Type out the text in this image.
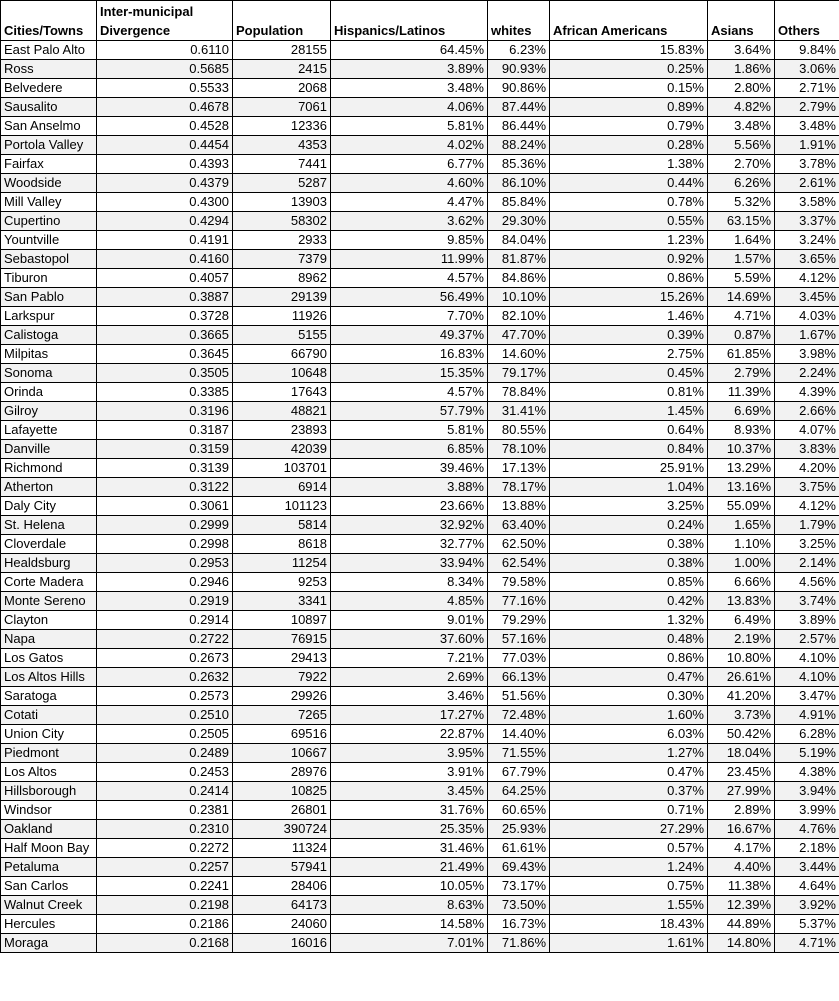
Cities/Towns	Inter-municipal Divergence	Population	Hispanics/Latinos	whites	African Americans	Asians	Others
East Palo Alto	0.6110	28155	64.45%	6.23%	15.83%	3.64%	9.84%
Ross	0.5685	2415	3.89%	90.93%	0.25%	1.86%	3.06%
Belvedere	0.5533	2068	3.48%	90.86%	0.15%	2.80%	2.71%
Sausalito	0.4678	7061	4.06%	87.44%	0.89%	4.82%	2.79%
San Anselmo	0.4528	12336	5.81%	86.44%	0.79%	3.48%	3.48%
Portola Valley	0.4454	4353	4.02%	88.24%	0.28%	5.56%	1.91%
Fairfax	0.4393	7441	6.77%	85.36%	1.38%	2.70%	3.78%
Woodside	0.4379	5287	4.60%	86.10%	0.44%	6.26%	2.61%
Mill Valley	0.4300	13903	4.47%	85.84%	0.78%	5.32%	3.58%
Cupertino	0.4294	58302	3.62%	29.30%	0.55%	63.15%	3.37%
Yountville	0.4191	2933	9.85%	84.04%	1.23%	1.64%	3.24%
Sebastopol	0.4160	7379	11.99%	81.87%	0.92%	1.57%	3.65%
Tiburon	0.4057	8962	4.57%	84.86%	0.86%	5.59%	4.12%
San Pablo	0.3887	29139	56.49%	10.10%	15.26%	14.69%	3.45%
Larkspur	0.3728	11926	7.70%	82.10%	1.46%	4.71%	4.03%
Calistoga	0.3665	5155	49.37%	47.70%	0.39%	0.87%	1.67%
Milpitas	0.3645	66790	16.83%	14.60%	2.75%	61.85%	3.98%
Sonoma	0.3505	10648	15.35%	79.17%	0.45%	2.79%	2.24%
Orinda	0.3385	17643	4.57%	78.84%	0.81%	11.39%	4.39%
Gilroy	0.3196	48821	57.79%	31.41%	1.45%	6.69%	2.66%
Lafayette	0.3187	23893	5.81%	80.55%	0.64%	8.93%	4.07%
Danville	0.3159	42039	6.85%	78.10%	0.84%	10.37%	3.83%
Richmond	0.3139	103701	39.46%	17.13%	25.91%	13.29%	4.20%
Atherton	0.3122	6914	3.88%	78.17%	1.04%	13.16%	3.75%
Daly City	0.3061	101123	23.66%	13.88%	3.25%	55.09%	4.12%
St. Helena	0.2999	5814	32.92%	63.40%	0.24%	1.65%	1.79%
Cloverdale	0.2998	8618	32.77%	62.50%	0.38%	1.10%	3.25%
Healdsburg	0.2953	11254	33.94%	62.54%	0.38%	1.00%	2.14%
Corte Madera	0.2946	9253	8.34%	79.58%	0.85%	6.66%	4.56%
Monte Sereno	0.2919	3341	4.85%	77.16%	0.42%	13.83%	3.74%
Clayton	0.2914	10897	9.01%	79.29%	1.32%	6.49%	3.89%
Napa	0.2722	76915	37.60%	57.16%	0.48%	2.19%	2.57%
Los Gatos	0.2673	29413	7.21%	77.03%	0.86%	10.80%	4.10%
Los Altos Hills	0.2632	7922	2.69%	66.13%	0.47%	26.61%	4.10%
Saratoga	0.2573	29926	3.46%	51.56%	0.30%	41.20%	3.47%
Cotati	0.2510	7265	17.27%	72.48%	1.60%	3.73%	4.91%
Union City	0.2505	69516	22.87%	14.40%	6.03%	50.42%	6.28%
Piedmont	0.2489	10667	3.95%	71.55%	1.27%	18.04%	5.19%
Los Altos	0.2453	28976	3.91%	67.79%	0.47%	23.45%	4.38%
Hillsborough	0.2414	10825	3.45%	64.25%	0.37%	27.99%	3.94%
Windsor	0.2381	26801	31.76%	60.65%	0.71%	2.89%	3.99%
Oakland	0.2310	390724	25.35%	25.93%	27.29%	16.67%	4.76%
Half Moon Bay	0.2272	11324	31.46%	61.61%	0.57%	4.17%	2.18%
Petaluma	0.2257	57941	21.49%	69.43%	1.24%	4.40%	3.44%
San Carlos	0.2241	28406	10.05%	73.17%	0.75%	11.38%	4.64%
Walnut Creek	0.2198	64173	8.63%	73.50%	1.55%	12.39%	3.92%
Hercules	0.2186	24060	14.58%	16.73%	18.43%	44.89%	5.37%
Moraga	0.2168	16016	7.01%	71.86%	1.61%	14.80%	4.71%
